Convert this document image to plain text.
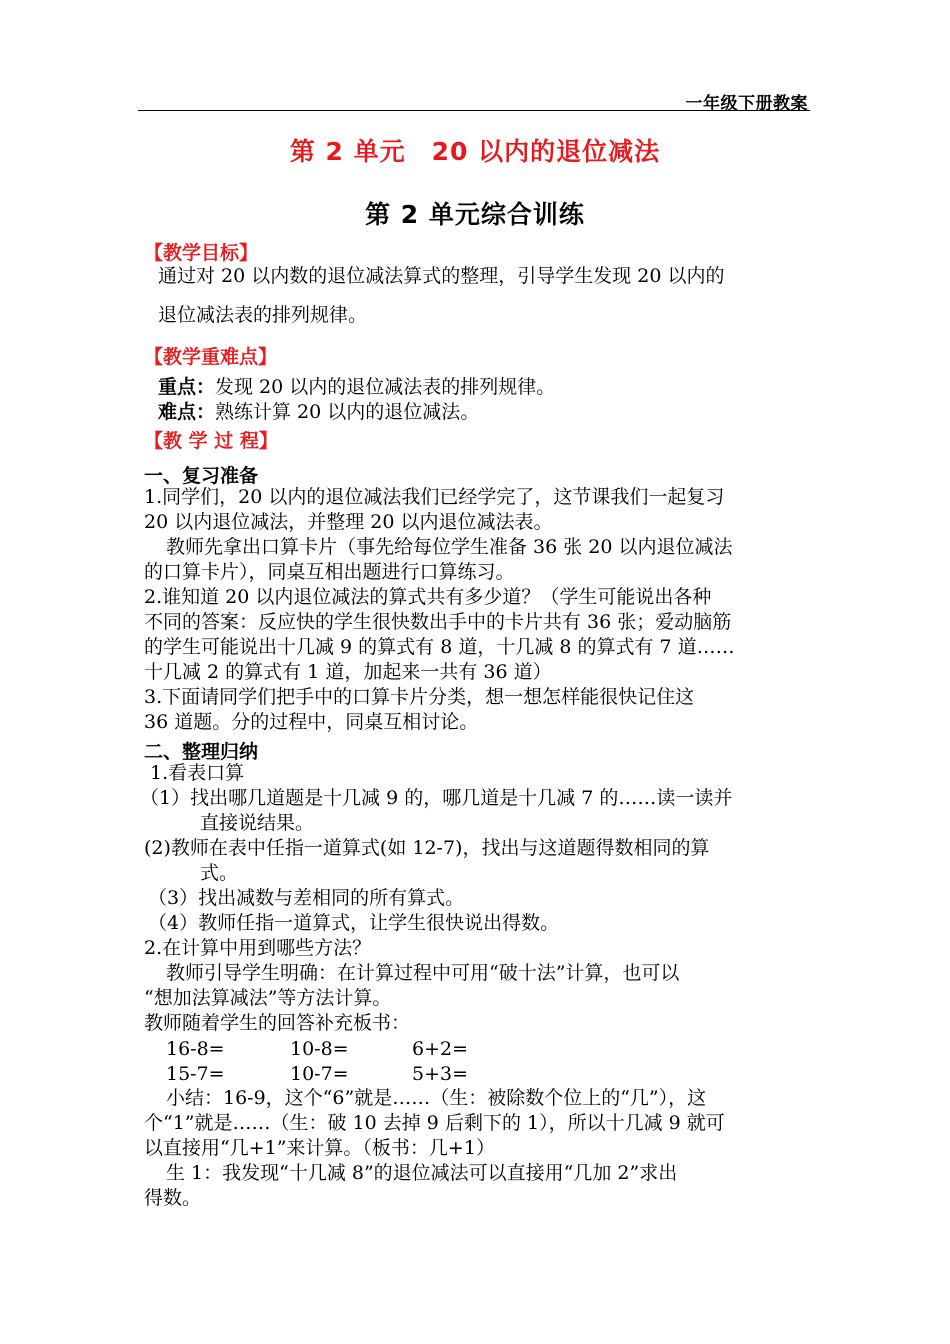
一年级下册教案
第 2 单元 20 以内的退位减法
第 2 单元综合训练
【教学目标】
通过对 20 以内数的退位减法算式的整理，引导学生发现 20 以内的
退位减法表的排列规律。
【教学重难点】
重点：发现 20 以内的退位减法表的排列规律。
难点：熟练计算 20 以内的退位减法。
【教 学 过 程】
一、复习准备
1.同学们，20 以内的退位减法我们已经学完了，这节课我们一起复习
20 以内退位减法，并整理 20 以内退位减法表。
教师先拿出口算卡片（事先给每位学生准备 36 张 20 以内退位减法
的口算卡片），同桌互相出题进行口算练习。
2.谁知道 20 以内退位减法的算式共有多少道？（学生可能说出各种
不同的答案：反应快的学生很快数出手中的卡片共有 36 张；爱动脑筋
的学生可能说出十几减 9 的算式有 8 道，十几减 8 的算式有 7 道……
十几减 2 的算式有 1 道，加起来一共有 36 道）
3.下面请同学们把手中的口算卡片分类，想一想怎样能很快记住这
36 道题。分的过程中，同桌互相讨论。
二、整理归纳
1.看表口算
（1）找出哪几道题是十几减 9 的，哪几道是十几减 7 的……读一读并
直接说结果。
(2)教师在表中任指一道算式(如 12-7)，找出与这道题得数相同的算
式。
（3）找出减数与差相同的所有算式。
（4）教师任指一道算式，让学生很快说出得数。
2.在计算中用到哪些方法？
教师引导学生明确：在计算过程中可用“破十法”计算，也可以
“想加法算减法”等方法计算。
教师随着学生的回答补充板书：
16-8=	10-8=	6+2=
15-7=	10-7=	5+3=
小结：16-9，这个“6”就是……（生：被除数个位上的“几”），这
个“1”就是……（生：破 10 去掉 9 后剩下的 1），所以十几减 9 就可
以直接用“几+1”来计算。（板书：几+1）
生 1：我发现“十几减 8”的退位减法可以直接用“几加 2”求出
得数。
